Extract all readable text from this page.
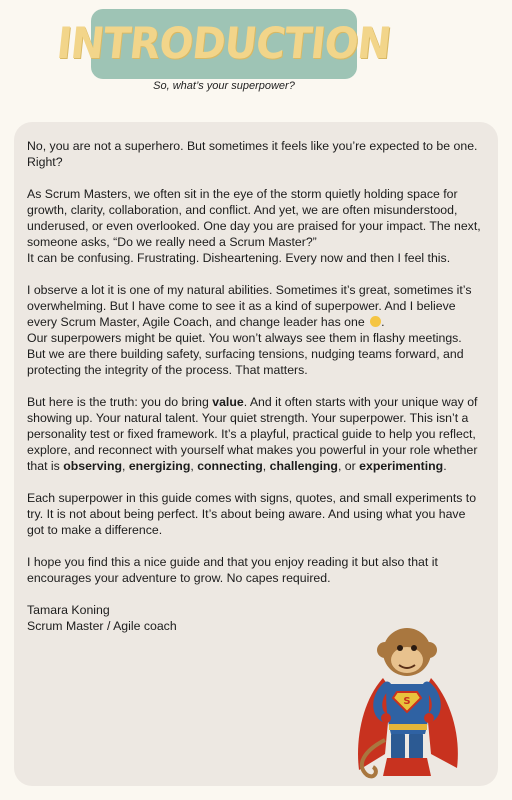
INTRODUCTION
So, what’s your superpower?

No, you are not a superhero. But sometimes it feels like you’re expected to be one. Right?

As Scrum Masters, we often sit in the eye of the storm quietly holding space for growth, clarity, collaboration, and conflict. And yet, we are often misunderstood, underused, or even overlooked. One day you are praised for your impact. The next, someone asks, “Do we really need a Scrum Master?”
It can be confusing. Frustrating. Disheartening. Every now and then I feel this.

I observe a lot it is one of my natural abilities. Sometimes it’s great, sometimes it’s overwhelming. But I have come to see it as a kind of superpower. And I believe every Scrum Master, Agile Coach, and change leader has one .
Our superpowers might be quiet. You won’t always see them in flashy meetings. But we are there building safety, surfacing tensions, nudging teams forward, and protecting the integrity of the process. That matters.

But here is the truth: you do bring value. And it often starts with your unique way of showing up. Your natural talent. Your quiet strength. Your superpower. This isn’t a personality test or fixed framework. It’s a playful, practical guide to help you reflect, explore, and reconnect with yourself what makes you powerful in your role whether that is observing, energizing, connecting, challenging, or experimenting.

Each superpower in this guide comes with signs, quotes, and small experiments to try. It is not about being perfect. It’s about being aware. And using what you have got to make a difference.

I hope you find this a nice guide and that you enjoy reading it but also that it encourages your adventure to grow. No capes required.

Tamara Koning

Scrum Master / Agile coach

S
